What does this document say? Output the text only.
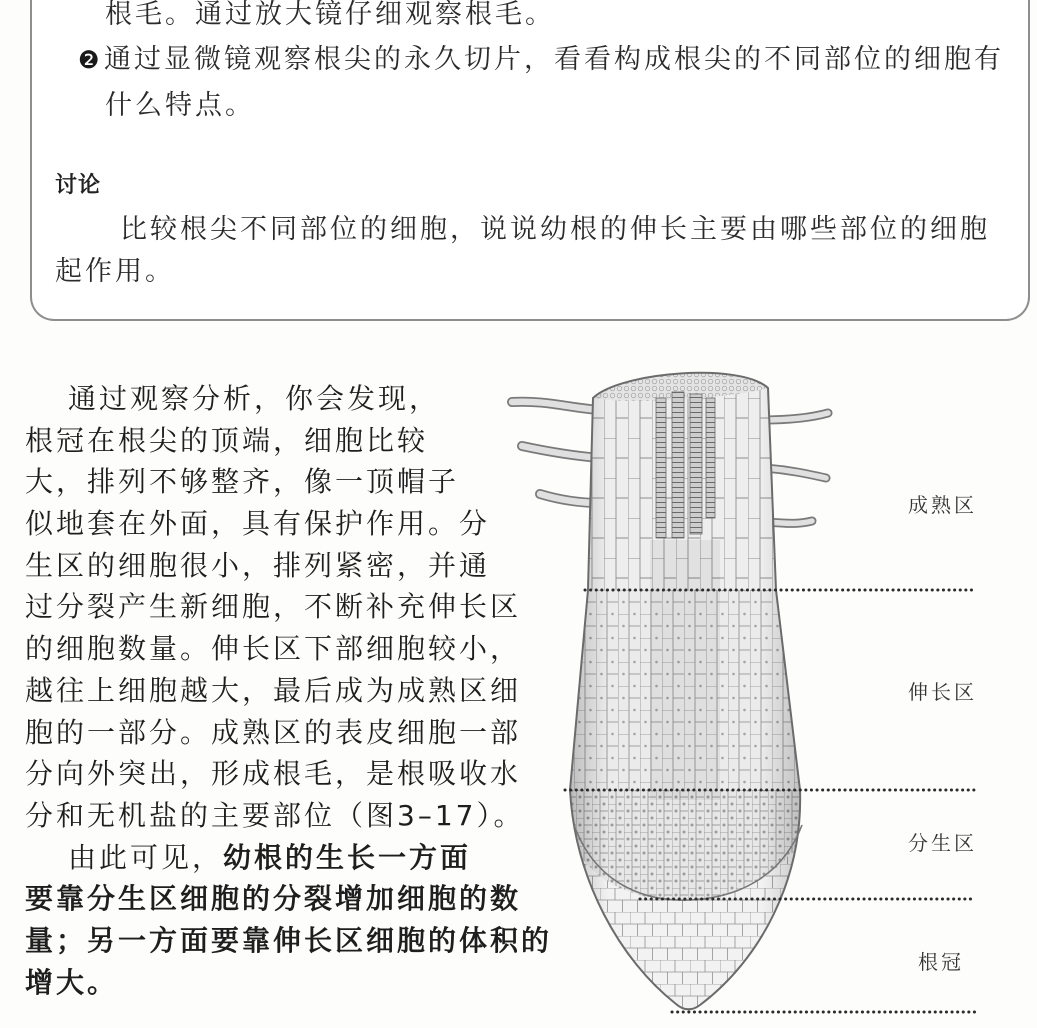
根毛。通过放大镜仔细观察根毛。
❷ 通过显微镜观察根尖的永久切片，看看构成根尖的不同部位的细胞有
什么特点。
讨论
比较根尖不同部位的细胞，说说幼根的伸长主要由哪些部位的细胞
起作用。
通过观察分析，你会发现，
根冠在根尖的顶端，细胞比较
大，排列不够整齐，像一顶帽子
似地套在外面，具有保护作用。分
生区的细胞很小，排列紧密，并通
过分裂产生新细胞，不断补充伸长区
的细胞数量。伸长区下部细胞较小，
越往上细胞越大，最后成为成熟区细
胞的一部分。成熟区的表皮细胞一部
分向外突出，形成根毛，是根吸收水
分和无机盐的主要部位（图3–17）。
由此可见，幼根的生长一方面
要靠分生区细胞的分裂增加细胞的数
量；另一方面要靠伸长区细胞的体积的
增大。
成熟区
伸长区
分生区
根冠
